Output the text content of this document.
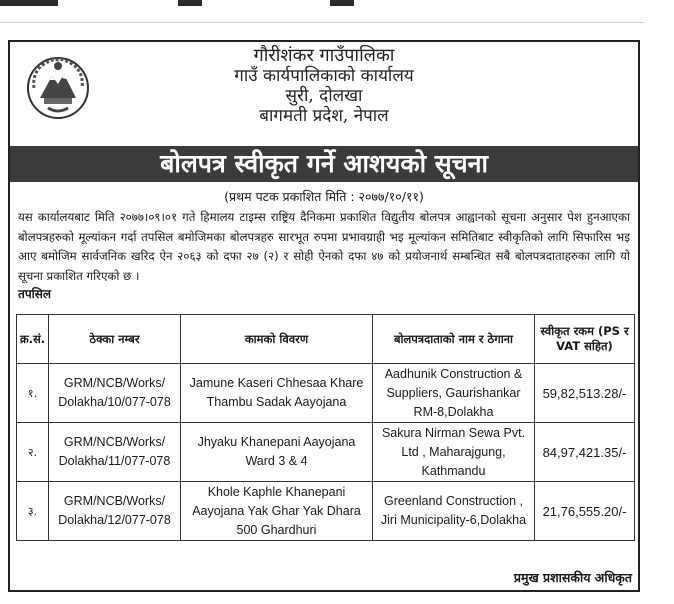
गौरीशंकर गाउँपालिका
गाउँ कार्यपालिकाको कार्यालय
सुरी, दोलखा
बागमती प्रदेश, नेपाल
बोलपत्र स्वीकृत गर्ने आशयको सूचना
(प्रथम पटक प्रकाशित मिति : २०७७/१०/११)
यस कार्यालयबाट मिति २०७७।०९।०१ गते हिमालय टाइम्स राष्ट्रिय दैनिकमा प्रकाशित विद्युतीय बोलपत्र आह्वानको सूचना अनुसार पेश हुनआएका बोलपत्रहरुको मूल्यांकन गर्दा तपसिल बमोजिमका बोलपत्रहरु सारभूत रुपमा प्रभावग्राही भइ मूल्यांकन समितिबाट स्वीकृतिको लागि सिफारिस भइ आए बमोजिम सार्वजनिक खरिद ऐन २०६३ को दफा २७ (२) र सोही ऐनको दफा ४७ को प्रयोजनार्थ सम्बन्धित सबै बोलपत्रदाताहरुका लागि यो सूचना प्रकाशित गरिएको छ ।
तपसिल
क्र.सं.	ठेक्का नम्बर	कामको विवरण	बोलपत्रदाताको नाम र ठेगाना	स्वीकृत रकम (PS र VAT सहित)
१.	GRM/NCB/Works/ Dolakha/10/077-078	Jamune Kaseri Chhesaa Khare Thambu Sadak Aayojana	Aadhunik Construction & Suppliers, Gaurishankar RM-8,Dolakha	59,82,513.28/-
२.	GRM/NCB/Works/ Dolakha/11/077-078	Jhyaku Khanepani Aayojana Ward 3 & 4	Sakura Nirman Sewa Pvt. Ltd , Maharajgung, Kathmandu	84,97,421.35/-
३.	GRM/NCB/Works/ Dolakha/12/077-078	Khole Kaphle Khanepani Aayojana Yak Ghar Yak Dhara 500 Ghardhuri	Greenland Construction , Jiri Municipality-6,Dolakha	21,76,555.20/-
प्रमुख प्रशासकीय अधिकृत
